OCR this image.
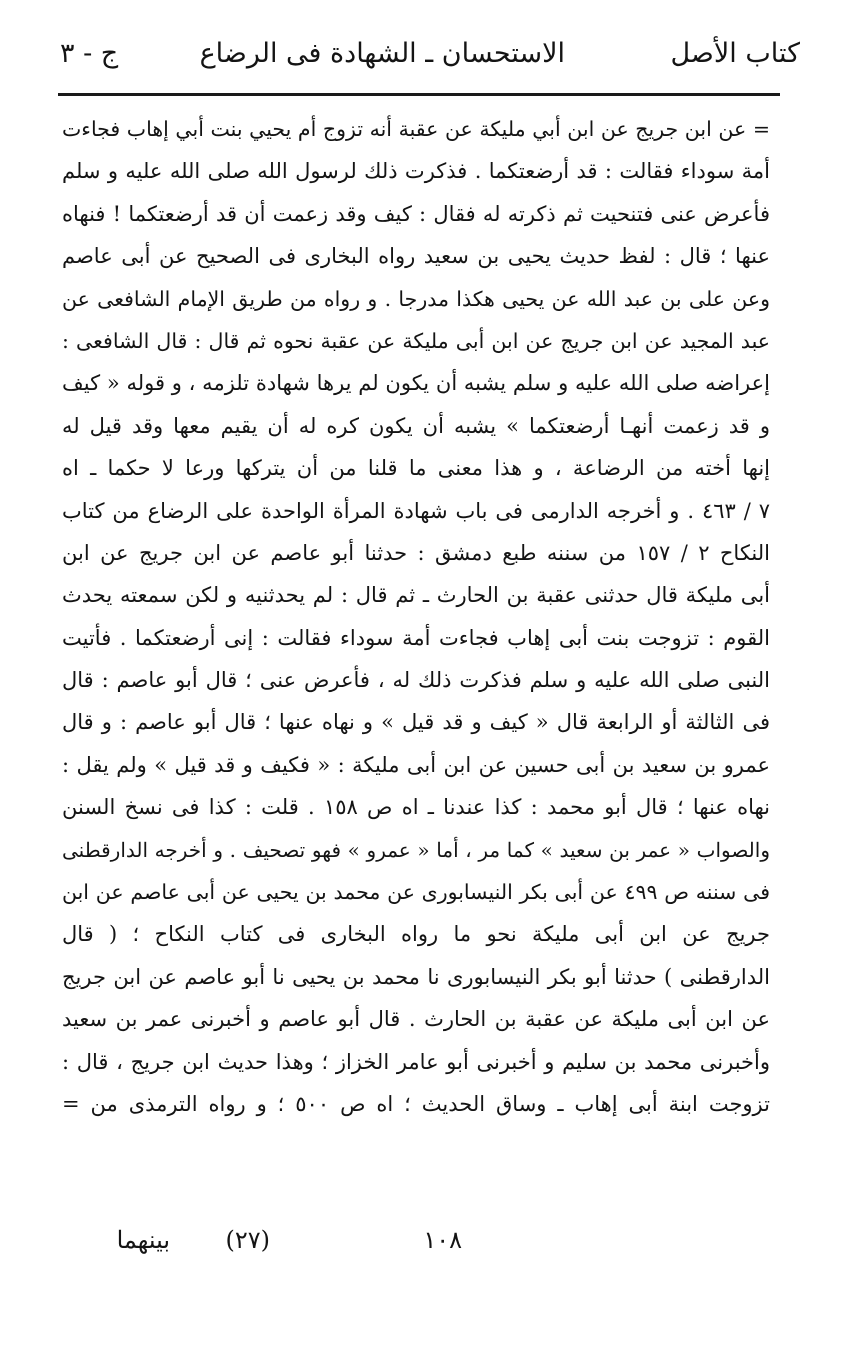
كتاب الأصل
الاستحسان ـ الشهادة فى الرضاع
ج - ٣
= عن ابن جريج عن ابن أبي مليكة عن عقبة أنه تزوج أم يحيي بنت أبي إهاب فجاءت
أمة سوداء فقالت : قد أرضعتكما . فذكرت ذلك لرسول الله صلى الله عليه و سلم
فأعرض عنى فتنحيت ثم ذكرته له فقال : كيف وقد زعمت أن قد أرضعتكما ! فنهاه
عنها ؛ قال : لفظ حديث يحيى بن سعيد رواه البخارى فى الصحيح عن أبى عاصم
وعن على بن عبد الله عن يحيى هكذا مدرجا . و رواه من طريق الإمام الشافعى عن
عبد المجيد عن ابن جريج عن ابن أبى مليكة عن عقبة نحوه ثم قال : قال الشافعى :
إعراضه صلى الله عليه و سلم يشبه أن يكون لم يرها شهادة تلزمه ، و قوله « كيف
و قد زعمت أنهـا أرضعتكما » يشبه أن يكون كره له أن يقيم معها وقد قيل له
إنها أخته من الرضاعة ، و هذا معنى ما قلنا من أن يتركها ورعا لا حكما ـ اه
٧ / ٤٦٣ . و أخرجه الدارمى فى باب شهادة المرأة الواحدة على الرضاع من كتاب
النكاح ٢ / ١٥٧ من سننه طبع دمشق : حدثنا أبو عاصم عن ابن جريج عن ابن
أبى مليكة قال حدثنى عقبة بن الحارث ـ ثم قال : لم يحدثنيه و لكن سمعته يحدث
القوم : تزوجت بنت أبى إهاب فجاءت أمة سوداء فقالت : إنى أرضعتكما . فأتيت
النبى صلى الله عليه و سلم فذكرت ذلك له ، فأعرض عنى ؛ قال أبو عاصم : قال
فى الثالثة أو الرابعة قال « كيف و قد قيل » و نهاه عنها ؛ قال أبو عاصم : و قال
عمرو بن سعيد بن أبى حسين عن ابن أبى مليكة : « فكيف و قد قيل » ولم يقل :
نهاه عنها ؛ قال أبو محمد : كذا عندنا ـ اه ص ١٥٨ . قلت : كذا فى نسخ السنن
والصواب « عمر بن سعيد » كما مر ، أما « عمرو » فهو تصحيف . و أخرجه الدارقطنى
فى سننه ص ٤٩٩ عن أبى بكر النيسابورى عن محمد بن يحيى عن أبى عاصم عن ابن
جريج عن ابن أبى مليكة نحو ما رواه البخارى فى كتاب النكاح ؛ ( قال
الدارقطنى ) حدثنا أبو بكر النيسابورى نا محمد بن يحيى نا أبو عاصم عن ابن جريج
عن ابن أبى مليكة عن عقبة بن الحارث . قال أبو عاصم و أخبرنى عمر بن سعيد
وأخبرنى محمد بن سليم و أخبرنى أبو عامر الخزاز ؛ وهذا حديث ابن جريج ، قال :
تزوجت ابنة أبى إهاب ـ وساق الحديث ؛ اه ص ٥٠٠ ؛ و رواه الترمذى من =
١٠٨
(٢٧)
بينهما
